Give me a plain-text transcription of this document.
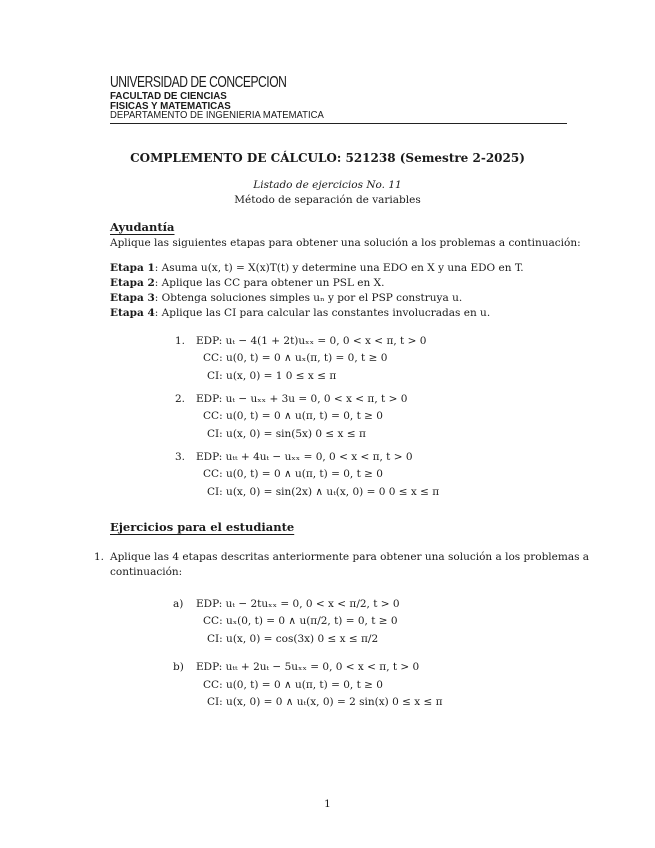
UNIVERSIDAD DE CONCEPCION
FACULTAD DE CIENCIAS
FISICAS Y MATEMATICAS
DEPARTAMENTO DE INGENIERIA MATEMATICA
COMPLEMENTO DE CÁLCULO: 521238 (Semestre 2-2025)
Listado de ejercicios No. 11
Método de separación de variables
Ayudantía
Aplique las siguientes etapas para obtener una solución a los problemas a continuación:
Etapa 1: Asuma u(x, t) = X(x)T(t) y determine una EDO en X y una EDO en T.
Etapa 2: Aplique las CC para obtener un PSL en X.
Etapa 3: Obtenga soluciones simples uₙ y por el PSP construya u.
Etapa 4: Aplique las CI para calcular las constantes involucradas en u.
1. EDP: uₜ − 4(1 + 2t)uₓₓ = 0, 0 < x < π, t > 0
CC: u(0, t) = 0 ∧ uₓ(π, t) = 0, t ≥ 0
CI: u(x, 0) = 1 0 ≤ x ≤ π
2. EDP: uₜ − uₓₓ + 3u = 0, 0 < x < π, t > 0
CC: u(0, t) = 0 ∧ u(π, t) = 0, t ≥ 0
CI: u(x, 0) = sin(5x) 0 ≤ x ≤ π
3. EDP: uₜₜ + 4uₜ − uₓₓ = 0, 0 < x < π, t > 0
CC: u(0, t) = 0 ∧ u(π, t) = 0, t ≥ 0
CI: u(x, 0) = sin(2x) ∧ uₜ(x, 0) = 0 0 ≤ x ≤ π
Ejercicios para el estudiante
1. Aplique las 4 etapas descritas anteriormente para obtener una solución a los problemas a
continuación:
a) EDP: uₜ − 2tuₓₓ = 0, 0 < x < π/2, t > 0
CC: uₓ(0, t) = 0 ∧ u(π/2, t) = 0, t ≥ 0
CI: u(x, 0) = cos(3x) 0 ≤ x ≤ π/2
b) EDP: uₜₜ + 2uₜ − 5uₓₓ = 0, 0 < x < π, t > 0
CC: u(0, t) = 0 ∧ u(π, t) = 0, t ≥ 0
CI: u(x, 0) = 0 ∧ uₜ(x, 0) = 2 sin(x) 0 ≤ x ≤ π
1
